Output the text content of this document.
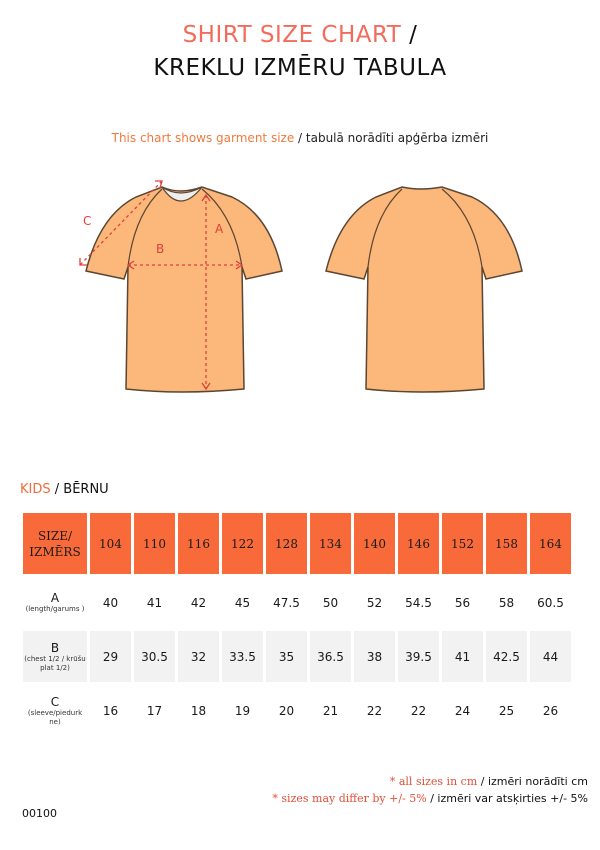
SHIRT SIZE CHART /
KREKLU IZMĒRU TABULA
This chart shows garment size / tabulā norādīti apģērba izmēri
A
B
C
KIDS / BĒRNU
SIZE/
IZMĒRS	104	110	116	122	128	134	140	146	152	158	164

A
(length/garums )	40	41	42	45	47.5	50	52	54.5	56	58	60.5

B
(chest 1/2 / krūšu plat 1/2)	29	30.5	32	33.5	35	36.5	38	39.5	41	42.5	44

C
(sleeve/piedurk ne)	16	17	18	19	20	21	22	22	24	25	26
* all sizes in cm / izmēri norādīti cm
* sizes may differ by +/- 5% / izmēri var atsķirties +/- 5%
00100
